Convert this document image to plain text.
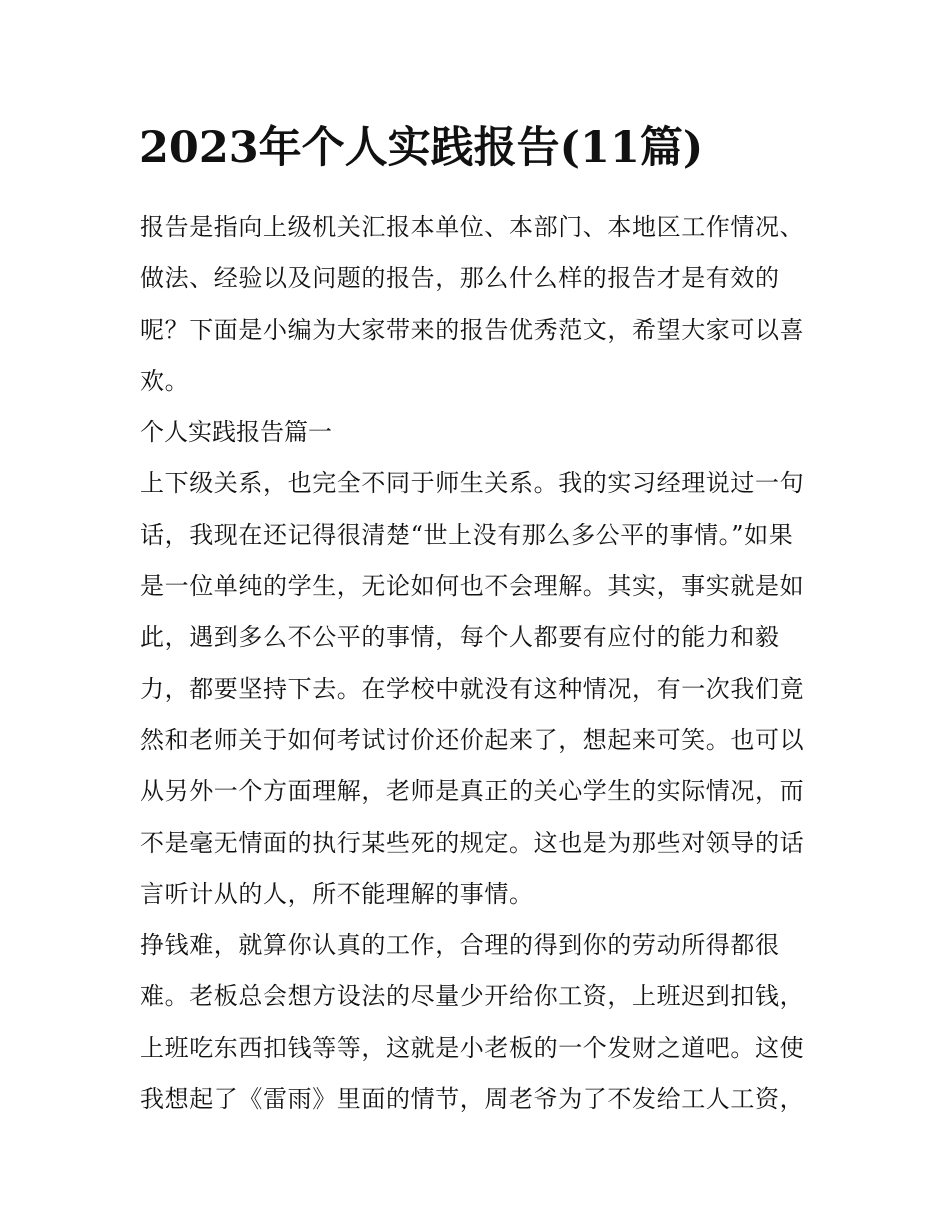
2023年个人实践报告(11篇)

报告是指向上级机关汇报本单位、本部门、本地区工作情况、做法、经验以及问题的报告，那么什么样的报告才是有效的呢？下面是小编为大家带来的报告优秀范文，希望大家可以喜欢。

个人实践报告篇一

上下级关系，也完全不同于师生关系。我的实习经理说过一句话，我现在还记得很清楚“世上没有那么多公平的事情。”如果是一位单纯的学生，无论如何也不会理解。其实，事实就是如此，遇到多么不公平的事情，每个人都要有应付的能力和毅力，都要坚持下去。在学校中就没有这种情况，有一次我们竟然和老师关于如何考试讨价还价起来了，想起来可笑。也可以从另外一个方面理解，老师是真正的关心学生的实际情况，而不是毫无情面的执行某些死的规定。这也是为那些对领导的话言听计从的人，所不能理解的事情。

挣钱难，就算你认真的工作，合理的得到你的劳动所得都很难。老板总会想方设法的尽量少开给你工资，上班迟到扣钱，上班吃东西扣钱等等，这就是小老板的一个发财之道吧。这使我想起了《雷雨》里面的情节，周老爷为了不发给工人工资，
